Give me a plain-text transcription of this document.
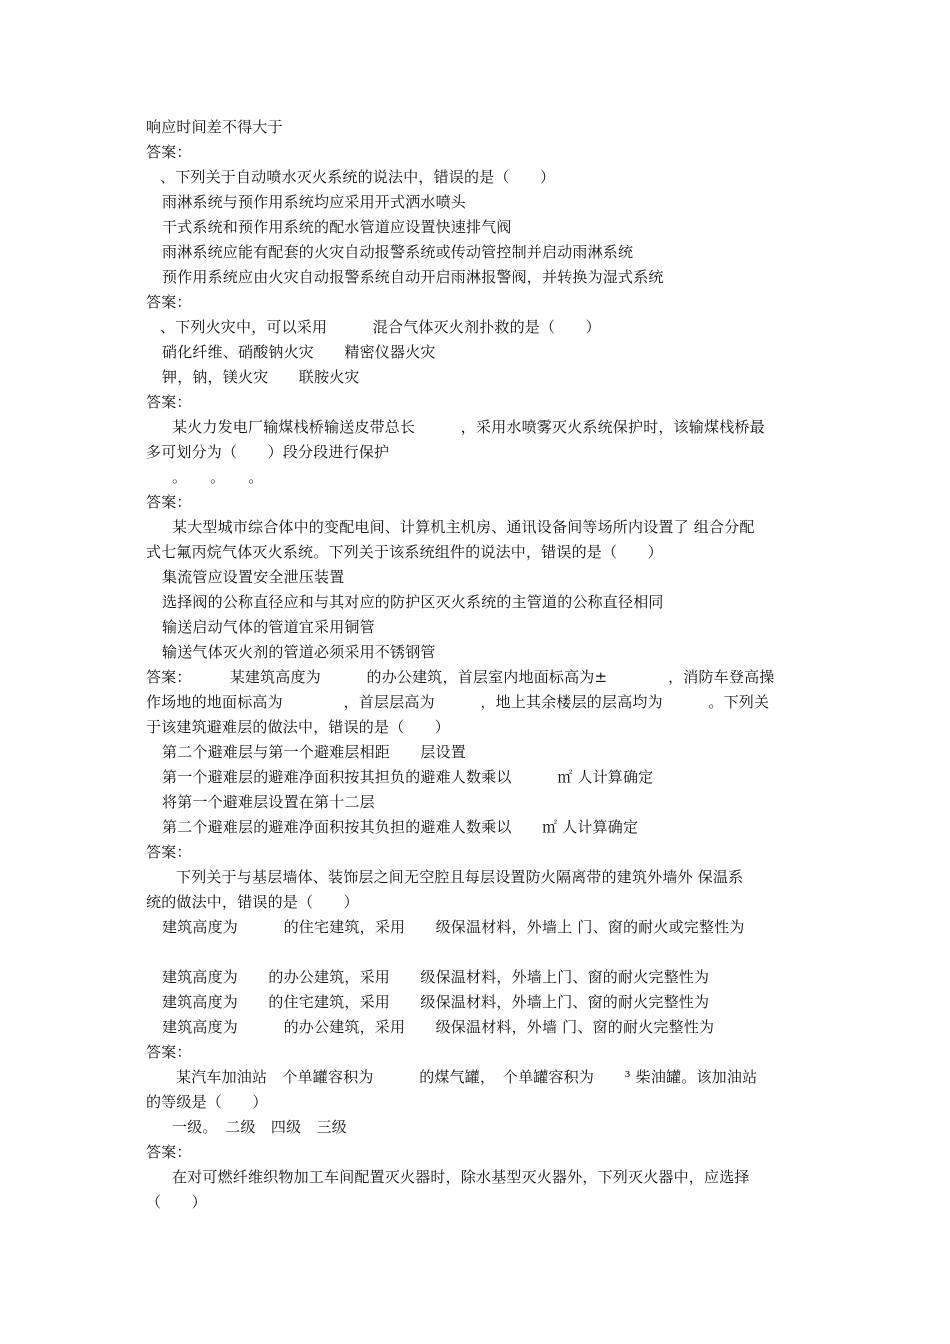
响应时间差不得大于
答案：
、下列关于自动喷水灭火系统的说法中，错误的是（　　）
雨淋系统与预作用系统均应采用开式洒水喷头
干式系统和预作用系统的配水管道应设置快速排气阀
雨淋系统应能有配套的火灾自动报警系统或传动管控制并启动雨淋系统
预作用系统应由火灾自动报警系统自动开启雨淋报警阀，并转换为湿式系统
答案：
、下列火灾中，可以采用　　　混合气体灭火剂扑救的是（　　）
硝化纤维、硝酸钠火灾　　精密仪器火灾
钾，钠，镁火灾　　联胺火灾
答案：
某火力发电厂输煤栈桥输送皮带总长　　　，采用水喷雾灭火系统保护时，该输煤栈桥最
多可划分为（　　）段分段进行保护
。　　。　　。
答案：
某大型城市综合体中的变配电间、计算机主机房、通讯设备间等场所内设置了 组合分配
式七氟丙烷气体灭火系统。下列关于该系统组件的说法中，错误的是（　　）
集流管应设置安全泄压装置
选择阀的公称直径应和与其对应的防护区灭火系统的主管道的公称直径相同
输送启动气体的管道宜采用铜管
输送气体灭火剂的管道必须采用不锈钢管
答案：　　　某建筑高度为　　　的办公建筑，首层室内地面标高为±　　　　，消防车登高操
作场地的地面标高为　　　　，首层层高为　　　，地上其余楼层的层高均为　　　。下列关
于该建筑避难层的做法中，错误的是（　　）
第二个避难层与第一个避难层相距　　层设置
第一个避难层的避难净面积按其担负的避难人数乘以　　　㎡ 人计算确定
将第一个避难层设置在第十二层
第二个避难层的避难净面积按其负担的避难人数乘以　　㎡ 人计算确定
答案：
下列关于与基层墙体、装饰层之间无空腔且每层设置防火隔离带的建筑外墙外 保温系
统的做法中，错误的是（　　）
建筑高度为　　　的住宅建筑，采用　　级保温材料，外墙上 门、窗的耐火或完整性为
建筑高度为　　的办公建筑，采用　　级保温材料，外墙上门、窗的耐火完整性为
建筑高度为　　的住宅建筑，采用　　级保温材料，外墙上门、窗的耐火完整性为
建筑高度为　　　的办公建筑，采用　　级保温材料，外墙 门、窗的耐火完整性为
答案：
某汽车加油站　个单罐容积为　　　的煤气罐，　个单罐容积为　　³ 柴油罐。该加油站
的等级是（　　）
一级。　二级　四级　三级
答案：
在对可燃纤维织物加工车间配置灭火器时，除水基型灭火器外，下列灭火器中，应选择
（　　）
